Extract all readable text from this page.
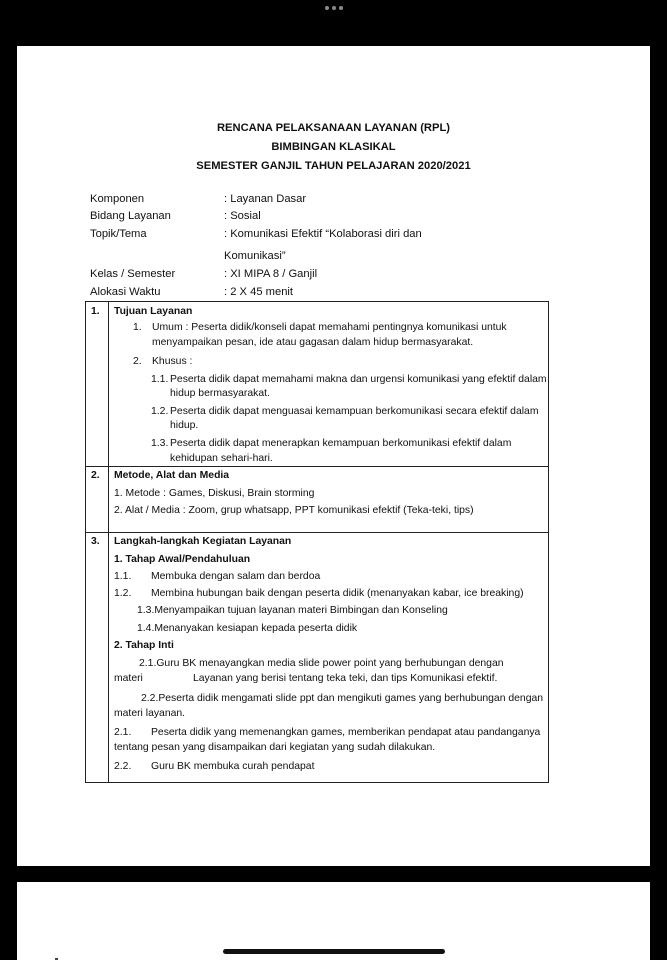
RENCANA PELAKSANAAN LAYANAN (RPL)
BIMBINGAN KLASIKAL
SEMESTER GANJIL TAHUN PELAJARAN 2020/2021
Komponen	: Layanan Dasar
Bidang Layanan	: Sosial
Topik/Tema	: Komunikasi Efektif “Kolaborasi diri dan
Komunikasi”
Kelas / Semester	: XI MIPA 8 / Ganjil
Alokasi Waktu	: 2 X 45 menit
1. Tujuan Layanan
1. Umum : Peserta didik/konseli dapat memahami pentingnya komunikasi untuk
menyampaikan pesan, ide atau gagasan dalam hidup bermasyarakat.
2. Khusus :
1.1. Peserta didik dapat memahami makna dan urgensi komunikasi yang efektif dalam
hidup bermasyarakat.
1.2. Peserta didik dapat menguasai kemampuan berkomunikasi secara efektif dalam
hidup.
1.3. Peserta didik dapat menerapkan kemampuan berkomunikasi efektif dalam
kehidupan sehari-hari.
2. Metode, Alat dan Media
1. Metode : Games, Diskusi, Brain storming
2. Alat / Media : Zoom, grup whatsapp, PPT komunikasi efektif (Teka-teki, tips)
3. Langkah-langkah Kegiatan Layanan
1. Tahap Awal/Pendahuluan
1.1. Membuka dengan salam dan berdoa
1.2. Membina hubungan baik dengan peserta didik (menanyakan kabar, ice breaking)
1.3.Menyampaikan tujuan layanan materi Bimbingan dan Konseling
1.4.Menanyakan kesiapan kepada peserta didik
2. Tahap Inti
2.1.Guru BK menayangkan media slide power point yang berhubungan dengan
materi	Layanan yang berisi tentang teka teki, dan tips Komunikasi efektif.
2.2.Peserta didik mengamati slide ppt dan mengikuti games yang berhubungan dengan
materi layanan.
2.1. Peserta didik yang memenangkan games, memberikan pendapat atau pandanganya
tentang pesan yang disampaikan dari kegiatan yang sudah dilakukan.
2.2. Guru BK membuka curah pendapat
